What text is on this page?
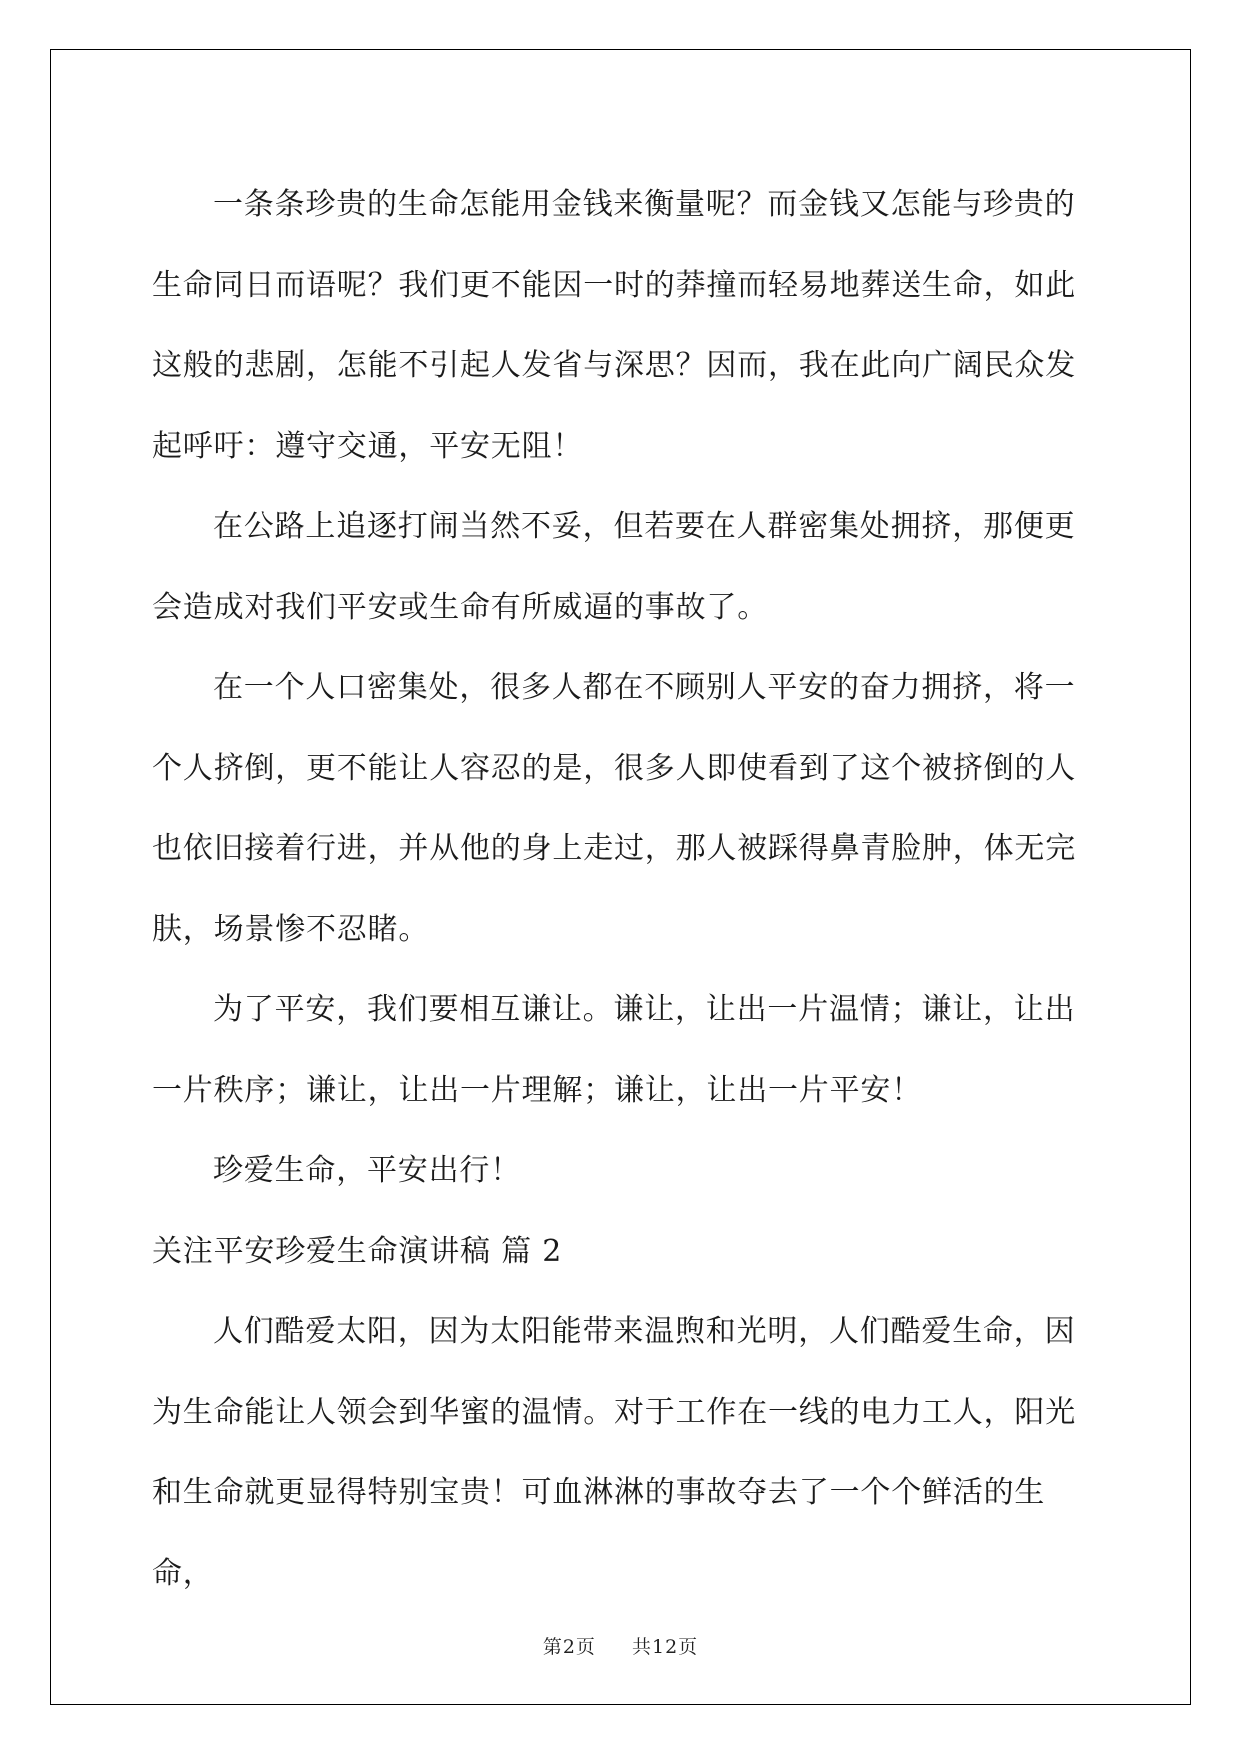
一条条珍贵的生命怎能用金钱来衡量呢？而金钱又怎能与珍贵的生命同日而语呢？我们更不能因一时的莽撞而轻易地葬送生命，如此这般的悲剧，怎能不引起人发省与深思？因而，我在此向广阔民众发起呼吁：遵守交通，平安无阻！

在公路上追逐打闹当然不妥，但若要在人群密集处拥挤，那便更会造成对我们平安或生命有所威逼的事故了。

在一个人口密集处，很多人都在不顾别人平安的奋力拥挤，将一个人挤倒，更不能让人容忍的是，很多人即使看到了这个被挤倒的人也依旧接着行进，并从他的身上走过，那人被踩得鼻青脸肿，体无完肤，场景惨不忍睹。

为了平安，我们要相互谦让。谦让，让出一片温情；谦让，让出一片秩序；谦让，让出一片理解；谦让，让出一片平安！

珍爱生命，平安出行！

关注平安珍爱生命演讲稿 篇 2

人们酷爱太阳，因为太阳能带来温煦和光明，人们酷爱生命，因为生命能让人领会到华蜜的温情。对于工作在一线的电力工人，阳光和生命就更显得特别宝贵！可血淋淋的事故夺去了一个个鲜活的生命，

第2页 共12页
